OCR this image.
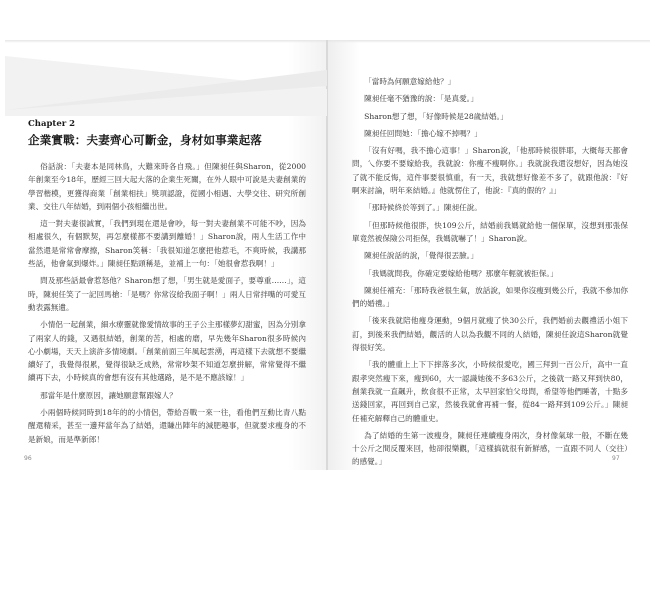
Chapter 2
企業實戰：夫妻齊心可斷金，身材如事業起落

俗話說：「夫妻本是同林鳥，大難來時各自飛。」但陳昶任與Sharon，從2000年創業至今18年，歷經三回大起大落的企業生死關，在外人眼中可說是夫妻創業的學習楷模，更獲得商業「創業相扶」獎項認證，從國小相遇、大學交往、研究所創業、交往八年結婚，到兩個小孩相繼出世。

這一對夫妻很誠實，「我們到現在還是會吵，每一對夫妻創業不可能不吵，因為相處很久，有個默契，再怎麼樣都不要講到離婚！」Sharon說，兩人生活工作中當然還是常常會摩擦，Sharon笑稱：「我很知道怎麼把他惹毛，不爽時候，我講那些話，他會氣到爆炸。」陳昶任點頭稱是，並補上一句：「她很會惹我啊！」

問及那些話最會惹怒他？Sharon想了想，「男生就是愛面子，要尊重……」，這時，陳昶任笑了一記回馬槍：「是嗎？你常沒給我面子啊！」兩人日常拌嘴的可愛互動表露無遺。

小情侶一起創業，細水療靈就像愛情故事的王子公主那樣夢幻甜蜜，因為分別拿了兩家人的錢，又遇很結婚，創業的苦，相處的磨，早先幾年Sharon很多時候內心小劇場，天天上演許多情境劇。「創業前面三年風起雲湧，再這樣下去就想不要繼續好了，我覺得很累，覺得很缺乏成熟，常常吵架不知道怎麼拼解，常常覺得不繼續再下去，小時候真的會想有沒有其他選路，是不是不應該嫁！」

那當年是什麼原因，讓她願意幫跟嫁人？

小兩個時候同時到18年的的小情侶，帶給吾戰一來一往，看他們互動比青八點醒還精采，甚至一邊拜當年為了結婚，還賺出陣年的減肥趣事，但就要求瘦身的不是新娘，而是準新郎！

「當時為何願意嫁給他？」

陳昶任毫不猶豫的說：「是真愛。」

Sharon想了想，「好像時候是28歲結婚。」

陳昶任回問她：「擔心嫁不掉嗎？」

「沒有好嗎，我不擔心這事！」Sharon說，「他那時候很胖耶，大概每天都會問，乀你要不要嫁給我，我就說：你瘦不瘦啊你。」我就說我還沒想好，因為她沒了就不能反悔，這件事要很慎重，有一天，我就想好像差不多了，就跟他說：『好啊來討論，明年來結婚。』他就愣住了，他說：『真的假的？』」

「那時候終於等到了。」陳昶任說。

「但那時候他很胖，快109公斤，結婚前我媽就給他一個保單，沒想到那張保單竟然被保險公司拒保，我媽就嚇了！」Sharon說。

陳昶任說話的說，「覺得很丟臉。」

「我媽就問我，你確定要嫁給他嗎？那麼年輕就被拒保。」

陳昶任補充：「那時我爸很生氣，放話說，如果你沒瘦到幾公斤，我就不參加你們的婚禮。」

「後來我就陪他瘦身運動，9個月就瘦了快30公斤，我們婚前去觀禮活小姐下訂，到後來我們結婚，觀活的人以為我觀不同的人結婚，陳昶任說這Sharon就覺得很好笑。

「我的體重上上下下摔落多次，小時候很愛吃，國三拜到一百公斤，高中一直跟孝突然瘦下來，瘦到60，大一認識她後不多63公斤，之後就一路又拜到快80，創業我就一直飆升，飲食很不正常，太早回家怕父母問，希望等他們睡著，十點多送錢回家，再回到自己家，然後我就會再補一餐，從84一路拜到109公斤。」陳昶任補充解釋自己的體重史。

為了結婚的生第一波瘦身，陳昶任連續瘦身兩次，身材像氣球一般，不斷在幾十公斤之間反覆來回，他卻很樂觀，「這樣搞就很有新鮮感，一直跟不同人（交往）的感覺。」

96	97
